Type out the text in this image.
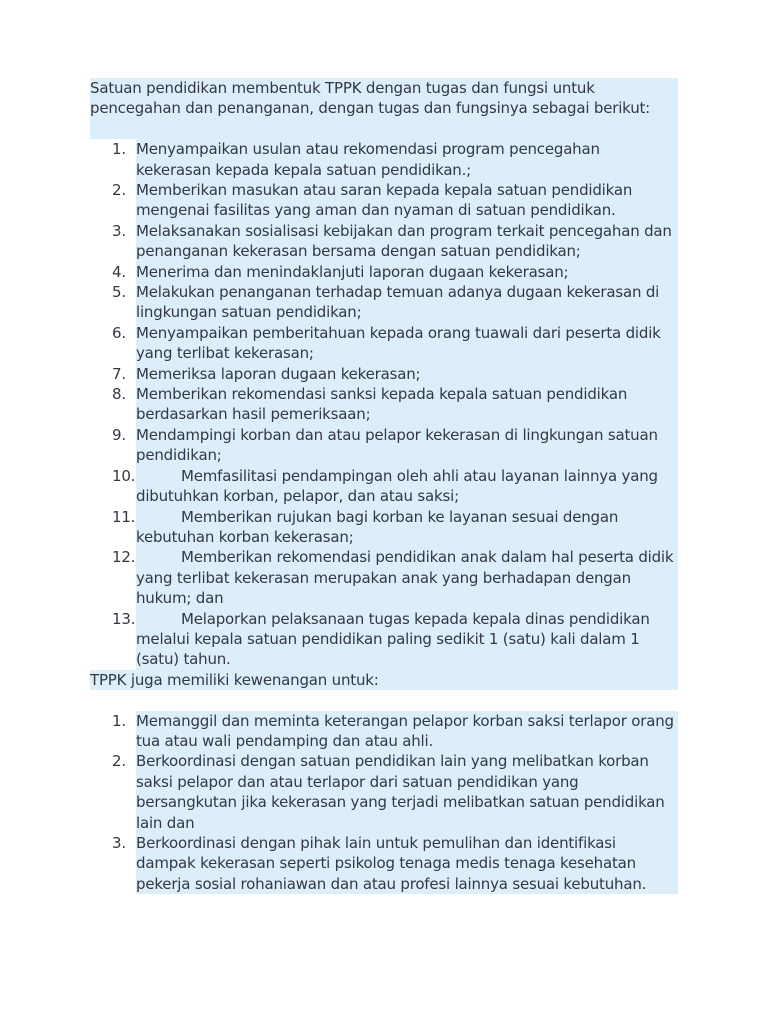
Satuan pendidikan membentuk TPPK dengan tugas dan fungsi untuk pencegahan dan penanganan, dengan tugas dan fungsinya sebagai berikut:

1. Menyampaikan usulan atau rekomendasi program pencegahan kekerasan kepada kepala satuan pendidikan.;
2. Memberikan masukan atau saran kepada kepala satuan pendidikan mengenai fasilitas yang aman dan nyaman di satuan pendidikan.
3. Melaksanakan sosialisasi kebijakan dan program terkait pencegahan dan penanganan kekerasan bersama dengan satuan pendidikan;
4. Menerima dan menindaklanjuti laporan dugaan kekerasan;
5. Melakukan penanganan terhadap temuan adanya dugaan kekerasan di lingkungan satuan pendidikan;
6. Menyampaikan pemberitahuan kepada orang tuawali dari peserta didik yang terlibat kekerasan;
7. Memeriksa laporan dugaan kekerasan;
8. Memberikan rekomendasi sanksi kepada kepala satuan pendidikan berdasarkan hasil pemeriksaan;
9. Mendampingi korban dan atau pelapor kekerasan di lingkungan satuan pendidikan;
10.	Memfasilitasi pendampingan oleh ahli atau layanan lainnya yang dibutuhkan korban, pelapor, dan atau saksi;
11.	Memberikan rujukan bagi korban ke layanan sesuai dengan kebutuhan korban kekerasan;
12.	Memberikan rekomendasi pendidikan anak dalam hal peserta didik yang terlibat kekerasan merupakan anak yang berhadapan dengan hukum; dan
13.	Melaporkan pelaksanaan tugas kepada kepala dinas pendidikan melalui kepala satuan pendidikan paling sedikit 1 (satu) kali dalam 1 (satu) tahun.

TPPK juga memiliki kewenangan untuk:

1. Memanggil dan meminta keterangan pelapor korban saksi terlapor orang tua atau wali pendamping dan atau ahli.
2. Berkoordinasi dengan satuan pendidikan lain yang melibatkan korban saksi pelapor dan atau terlapor dari satuan pendidikan yang bersangkutan jika kekerasan yang terjadi melibatkan satuan pendidikan lain dan
3. Berkoordinasi dengan pihak lain untuk pemulihan dan identifikasi dampak kekerasan seperti psikolog tenaga medis tenaga kesehatan pekerja sosial rohaniawan dan atau profesi lainnya sesuai kebutuhan.
